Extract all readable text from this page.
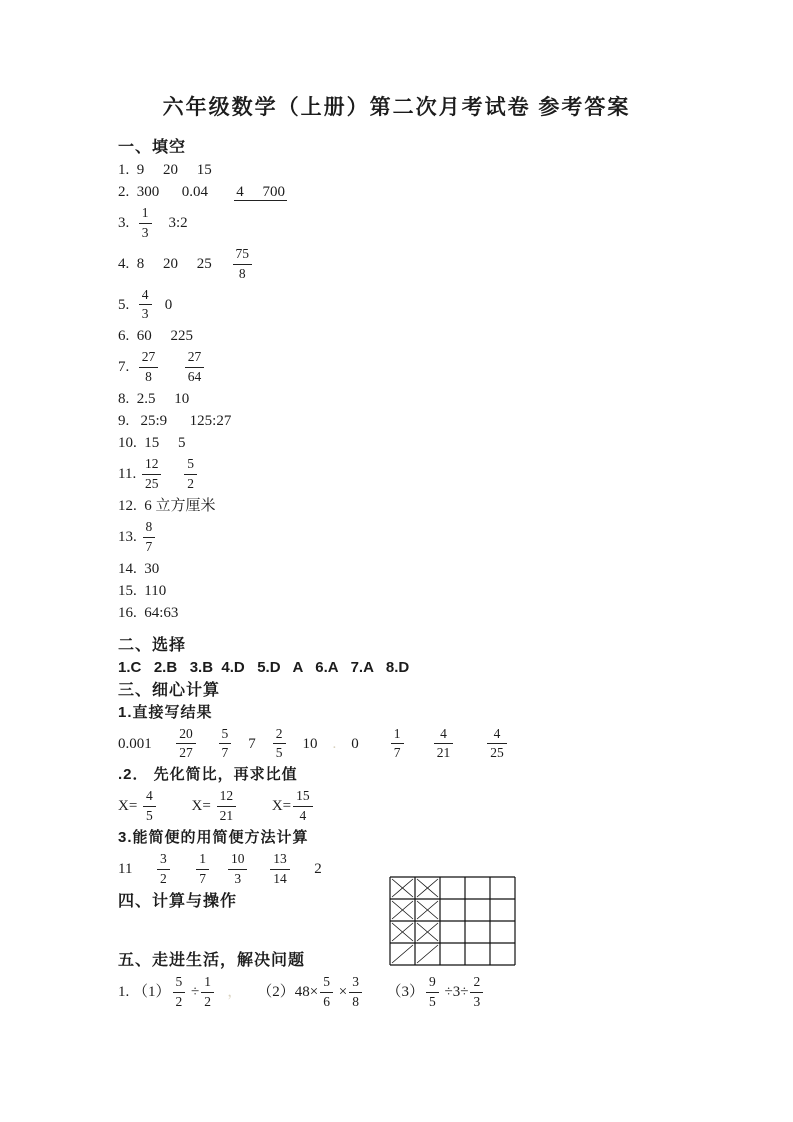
六年级数学（上册）第二次月考试卷 参考答案
一、填空
1.  9     20     15
2.  300      0.04       4     700
3. $\frac{1}{3}$ 3:2
4.  8     20     $25 \frac{75}{8}$
5. $\frac{4}{3} 0$
6.  60     225
7. $\frac{27}{8}$
$\frac{27}{64}$
8.  2.5     10
9.   25:9      125:27
10.  15     5
11. $\frac{12}{25}$
$\frac{5}{2}$
12.  6 立方厘米
13. $\frac{8}{7}$
14.  30
15.  110
16.  64:63
二、选择
1.C   2.B   3.B  4.D   5.D   A   6.A   7.A   8.D
三、细心计算
1.直接写结果
$0.001 \frac{20}{27}$
$\frac{5}{7} 7 \frac{2}{5} 10$    .    $0 \frac{1}{7}$
$\frac{4}{21}$
	$\frac{4}{25}$
.2． 先化简比，再求比值
$X= \frac{4}{5} X= \frac{12}{21} X= \frac{15}{4}$
3.能简便的用简便方法计算
$11 \frac{3}{2}$
$\frac{1}{7}$
$\frac{10}{3}$
$\frac{13}{14} 2$
四、计算与操作
五、走进生活，解决问题
1. $(1) \frac{5}{2} \div \frac{1}{2}$ ，    $(2)48\times \frac{5}{6} \times \frac{3}{8} (3) \frac{9}{5} \div 3\div \frac{2}{3}$
